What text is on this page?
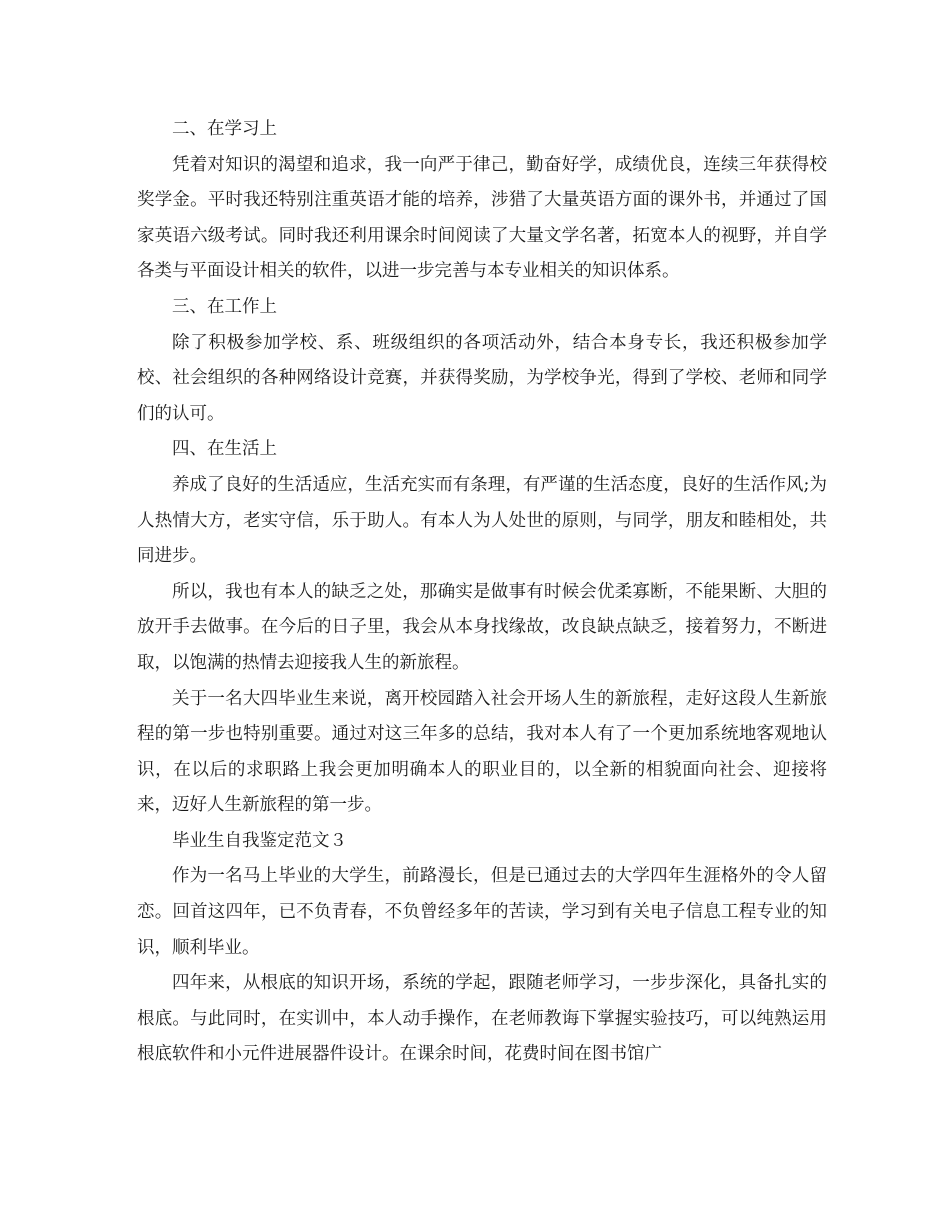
二、在学习上

凭着对知识的渴望和追求，我一向严于律己，勤奋好学，成绩优良，连续三年获得校奖学金。平时我还特别注重英语才能的培养，涉猎了大量英语方面的课外书，并通过了国家英语六级考试。同时我还利用课余时间阅读了大量文学名著，拓宽本人的视野，并自学各类与平面设计相关的软件，以进一步完善与本专业相关的知识体系。

三、在工作上

除了积极参加学校、系、班级组织的各项活动外，结合本身专长，我还积极参加学校、社会组织的各种网络设计竞赛，并获得奖励，为学校争光，得到了学校、老师和同学们的认可。

四、在生活上

养成了良好的生活适应，生活充实而有条理，有严谨的生活态度，良好的生活作风;为人热情大方，老实守信，乐于助人。有本人为人处世的原则，与同学，朋友和睦相处，共同进步。

所以，我也有本人的缺乏之处，那确实是做事有时候会优柔寡断，不能果断、大胆的放开手去做事。在今后的日子里，我会从本身找缘故，改良缺点缺乏，接着努力，不断进取，以饱满的热情去迎接我人生的新旅程。

关于一名大四毕业生来说，离开校园踏入社会开场人生的新旅程，走好这段人生新旅程的第一步也特别重要。通过对这三年多的总结，我对本人有了一个更加系统地客观地认识，在以后的求职路上我会更加明确本人的职业目的，以全新的相貌面向社会、迎接将来，迈好人生新旅程的第一步。

毕业生自我鉴定范文３

作为一名马上毕业的大学生，前路漫长，但是已通过去的大学四年生涯格外的令人留恋。回首这四年，已不负青春，不负曾经多年的苦读，学习到有关电子信息工程专业的知识，顺利毕业。

四年来，从根底的知识开场，系统的学起，跟随老师学习，一步步深化，具备扎实的根底。与此同时，在实训中，本人动手操作，在老师教诲下掌握实验技巧，可以纯熟运用根底软件和小元件进展器件设计。在课余时间，花费时间在图书馆广
